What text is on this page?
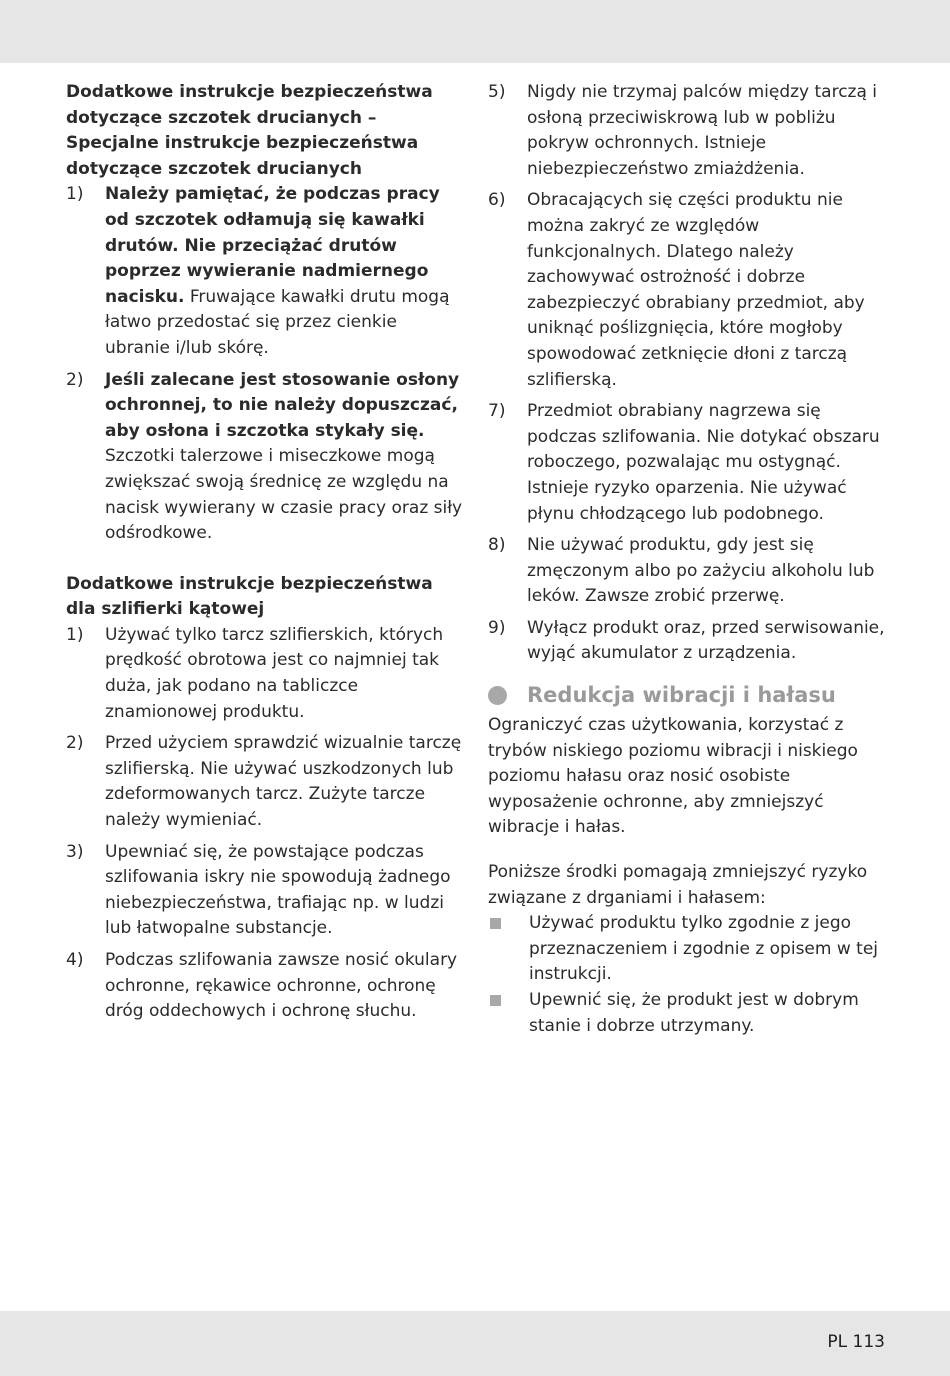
Dodatkowe instrukcje bezpieczeństwa dotyczące szczotek drucianych – Specjalne instrukcje bezpieczeństwa dotyczące szczotek drucianych

1)	Należy pamiętać, że podczas pracy od szczotek odłamują się kawałki drutów. Nie przeciążać drutów poprzez wywieranie nadmiernego nacisku. Fruwające kawałki drutu mogą łatwo przedostać się przez cienkie ubranie i/lub skórę.
2)	Jeśli zalecane jest stosowanie osłony ochronnej, to nie należy dopuszczać, aby osłona i szczotka stykały się. Szczotki talerzowe i miseczkowe mogą zwiększać swoją średnicę ze względu na nacisk wywierany w czasie pracy oraz siły odśrodkowe.

Dodatkowe instrukcje bezpieczeństwa dla szlifierki kątowej

1)	Używać tylko tarcz szlifierskich, których prędkość obrotowa jest co najmniej tak duża, jak podano na tabliczce znamionowej produktu.
2)	Przed użyciem sprawdzić wizualnie tarczę szlifierską. Nie używać uszkodzonych lub zdeformowanych tarcz. Zużyte tarcze należy wymieniać.
3)	Upewniać się, że powstające podczas szlifowania iskry nie spowodują żadnego niebezpieczeństwa, trafiając np. w ludzi lub łatwopalne substancje.
4)	Podczas szlifowania zawsze nosić okulary ochronne, rękawice ochronne, ochronę dróg oddechowych i ochronę słuchu.
5)	Nigdy nie trzymaj palców między tarczą i osłoną przeciwiskrową lub w pobliżu pokryw ochronnych. Istnieje niebezpieczeństwo zmiażdżenia.
6)	Obracających się części produktu nie można zakryć ze względów funkcjonalnych. Dlatego należy zachowywać ostrożność i dobrze zabezpieczyć obrabiany przedmiot, aby uniknąć poślizgnięcia, które mogłoby spowodować zetknięcie dłoni z tarczą szlifierską.
7)	Przedmiot obrabiany nagrzewa się podczas szlifowania. Nie dotykać obszaru roboczego, pozwalając mu ostygnąć. Istnieje ryzyko oparzenia. Nie używać płynu chłodzącego lub podobnego.
8)	Nie używać produktu, gdy jest się zmęczonym albo po zażyciu alkoholu lub leków. Zawsze zrobić przerwę.
9)	Wyłącz produkt oraz, przed serwisowanie, wyjąć akumulator z urządzenia.
Redukcja wibracji i hałasu

Ograniczyć czas użytkowania, korzystać z trybów niskiego poziomu wibracji i niskiego poziomu hałasu oraz nosić osobiste wyposażenie ochronne, aby zmniejszyć wibracje i hałas.

Poniższe środki pomagają zmniejszyć ryzyko związane z drganiami i hałasem:

Używać produktu tylko zgodnie z jego przeznaczeniem i zgodnie z opisem w tej instrukcji.
Upewnić się, że produkt jest w dobrym stanie i dobrze utrzymany.
PL 113
